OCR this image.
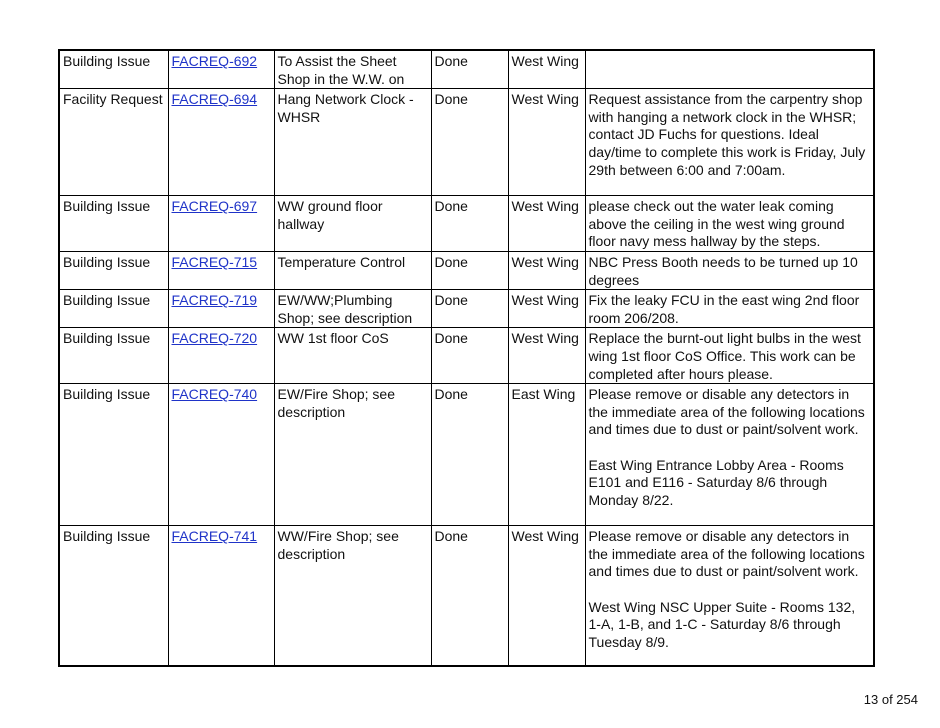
Building Issue	FACREQ-692	To Assist the Sheet Shop in the W.W. on	Done	West Wing	

Facility Request	FACREQ-694	Hang Network Clock - WHSR	Done	West Wing	Request assistance from the carpentry shop with hanging a network clock in the WHSR; contact JD Fuchs for questions. Ideal day/time to complete this work is Friday, July 29th between 6:00 and 7:00am.

Building Issue	FACREQ-697	WW ground floor hallway	Done	West Wing	please check out the water leak coming above the ceiling in the west wing ground floor navy mess hallway by the steps.

Building Issue	FACREQ-715	Temperature Control	Done	West Wing	NBC Press Booth needs to be turned up 10 degrees

Building Issue	FACREQ-719	EW/WW;Plumbing Shop; see description	Done	West Wing	Fix the leaky FCU in the east wing 2nd floor room 206/208.

Building Issue	FACREQ-720	WW 1st floor CoS	Done	West Wing	Replace the burnt-out light bulbs in the west wing 1st floor CoS Office. This work can be completed after hours please.

Building Issue	FACREQ-740	EW/Fire Shop; see description	Done	East Wing	Please remove or disable any detectors in the immediate area of the following locations and times due to dust or paint/solvent work.

East Wing Entrance Lobby Area - Rooms E101 and E116 - Saturday 8/6 through Monday 8/22.

Building Issue	FACREQ-741	WW/Fire Shop; see description	Done	West Wing	Please remove or disable any detectors in the immediate area of the following locations and times due to dust or paint/solvent work.

West Wing NSC Upper Suite - Rooms 132, 1-A, 1-B, and 1-C - Saturday 8/6 through Tuesday 8/9.

13 of 254
